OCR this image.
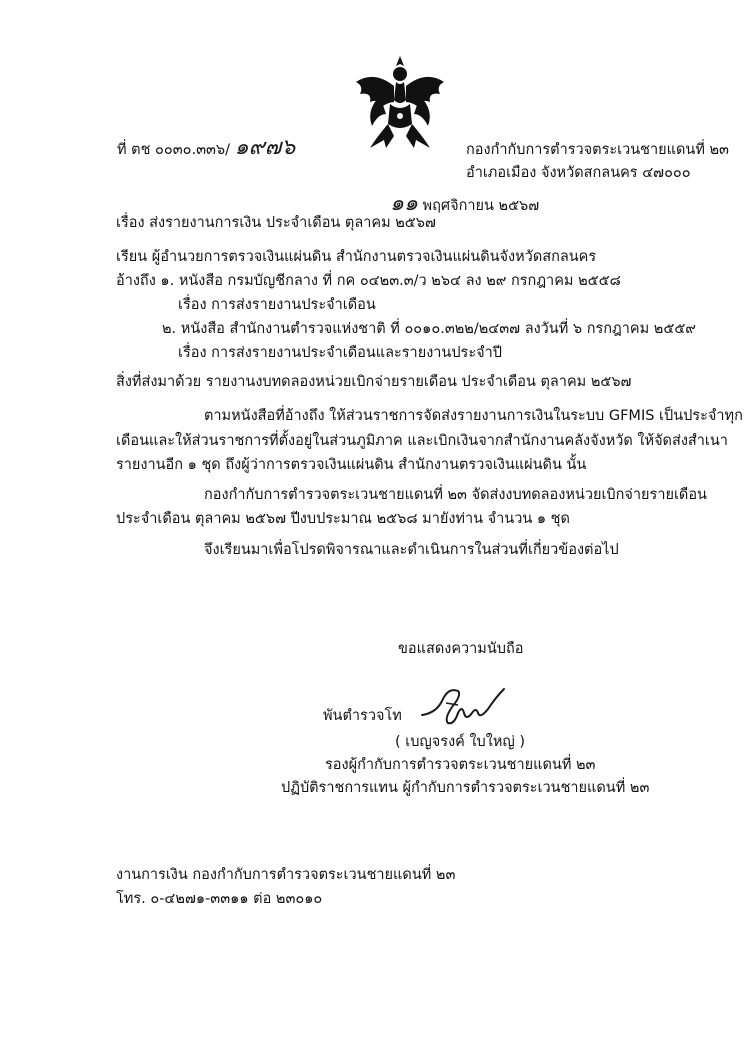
ที่ ตช ๐๐๓๐.๓๓๖/ ๑๙๗๖	กองกำกับการตำรวจตระเวนชายแดนที่ ๒๓
อำเภอเมือง จังหวัดสกลนคร ๔๗๐๐๐
๑๑ พฤศจิกายน ๒๕๖๗
เรื่อง ส่งรายงานการเงิน ประจำเดือน ตุลาคม ๒๕๖๗
เรียน ผู้อำนวยการตรวจเงินแผ่นดิน สำนักงานตรวจเงินแผ่นดินจังหวัดสกลนคร
อ้างถึง ๑. หนังสือ กรมบัญชีกลาง ที่ กค ๐๔๒๓.๓/ว ๒๖๔ ลง ๒๙ กรกฎาคม ๒๕๕๘
เรื่อง การส่งรายงานประจำเดือน
๒. หนังสือ สำนักงานตำรวจแห่งชาติ ที่ ๐๐๑๐.๓๒๒/๒๔๓๗ ลงวันที่ ๖ กรกฎาคม ๒๕๕๙
เรื่อง การส่งรายงานประจำเดือนและรายงานประจำปี
สิ่งที่ส่งมาด้วย รายงานงบทดลองหน่วยเบิกจ่ายรายเดือน ประจำเดือน ตุลาคม ๒๕๖๗
ตามหนังสือที่อ้างถึง ให้ส่วนราชการจัดส่งรายงานการเงินในระบบ GFMIS เป็นประจำทุก
เดือนและให้ส่วนราชการที่ตั้งอยู่ในส่วนภูมิภาค และเบิกเงินจากสำนักงานคลังจังหวัด ให้จัดส่งสำเนา
รายงานอีก ๑ ชุด ถึงผู้ว่าการตรวจเงินแผ่นดิน สำนักงานตรวจเงินแผ่นดิน นั้น
กองกำกับการตำรวจตระเวนชายแดนที่ ๒๓ จัดส่งงบทดลองหน่วยเบิกจ่ายรายเดือน
ประจำเดือน ตุลาคม ๒๕๖๗ ปีงบประมาณ ๒๕๖๘ มายังท่าน จำนวน ๑ ชุด
จึงเรียนมาเพื่อโปรดพิจารณาและดำเนินการในส่วนที่เกี่ยวข้องต่อไป
ขอแสดงความนับถือ
พันตำรวจโท
( เบญจรงค์ ใบใหญ่ )
รองผู้กำกับการตำรวจตระเวนชายแดนที่ ๒๓
ปฏิบัติราชการแทน ผู้กำกับการตำรวจตระเวนชายแดนที่ ๒๓
งานการเงิน กองกำกับการตำรวจตระเวนชายแดนที่ ๒๓
โทร. ๐-๔๒๗๑-๓๓๑๑ ต่อ ๒๓๐๑๐
